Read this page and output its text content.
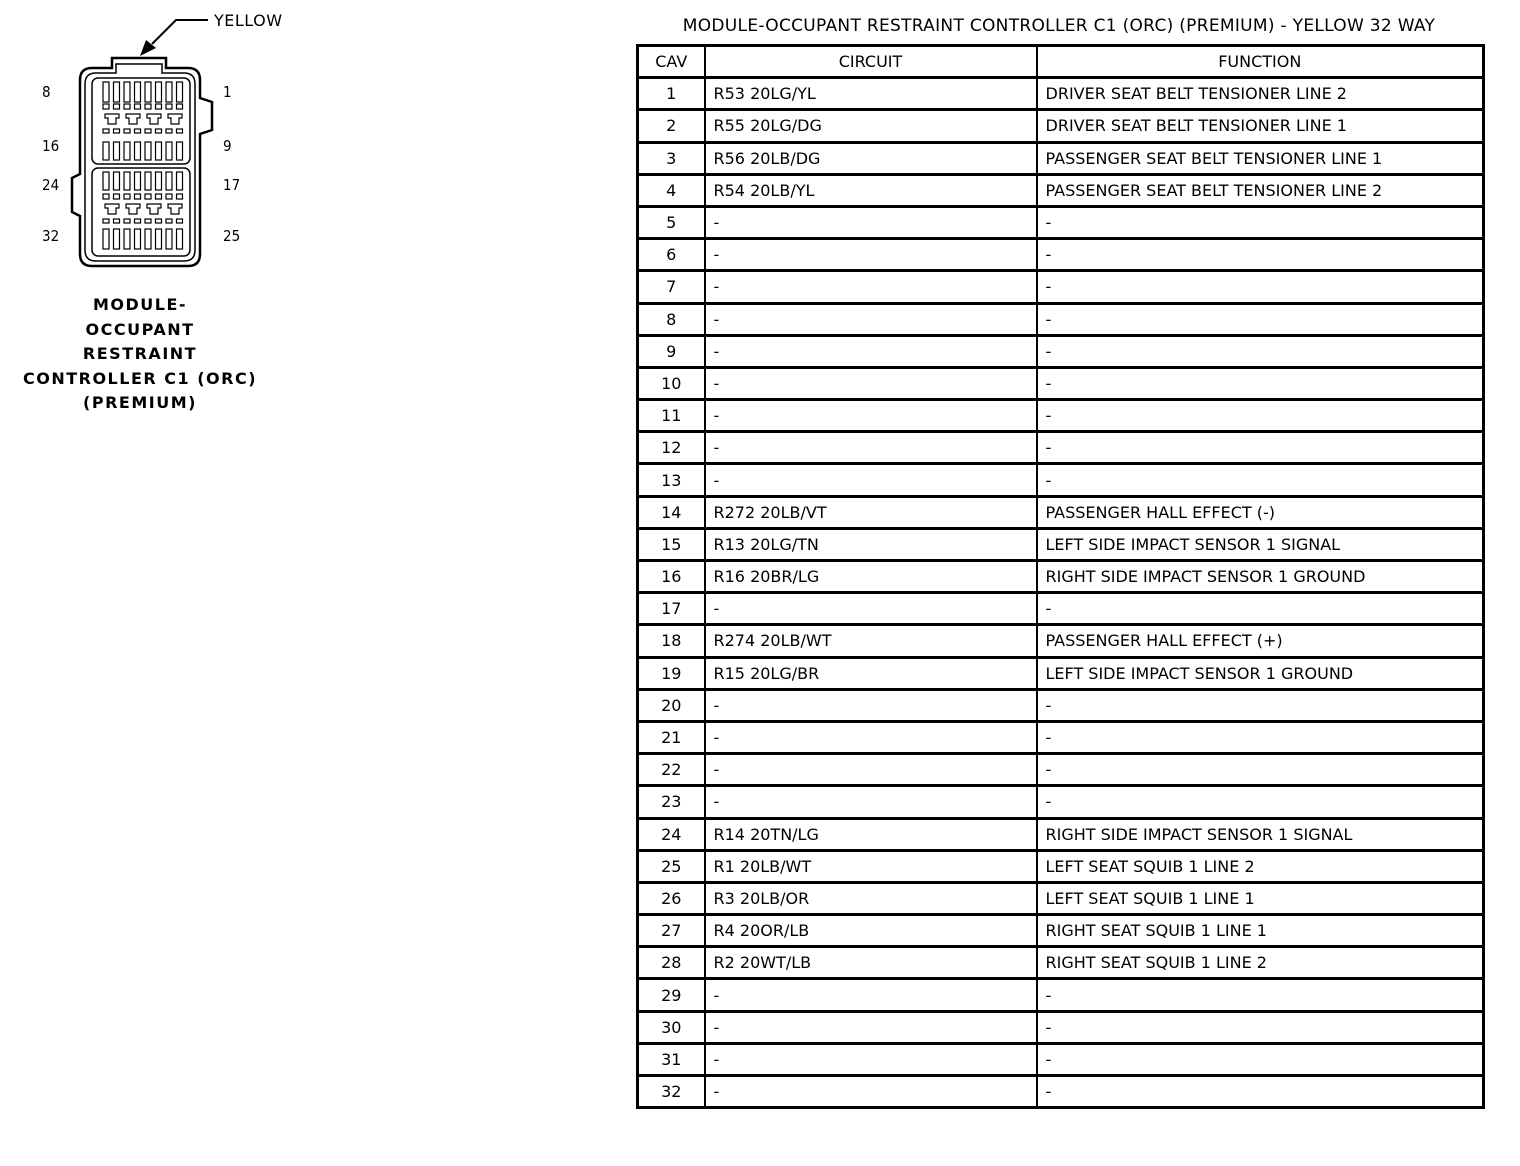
YELLOW
8
16
24
32
1
9
17
25
MODULE-
OCCUPANT
RESTRAINT
CONTROLLER C1 (ORC)
(PREMIUM)
MODULE-OCCUPANT RESTRAINT CONTROLLER C1 (ORC) (PREMIUM) - YELLOW 32 WAY
CAV	CIRCUIT	FUNCTION
1	R53 20LG/YL	DRIVER SEAT BELT TENSIONER LINE 2
2	R55 20LG/DG	DRIVER SEAT BELT TENSIONER LINE 1
3	R56 20LB/DG	PASSENGER SEAT BELT TENSIONER LINE 1
4	R54 20LB/YL	PASSENGER SEAT BELT TENSIONER LINE 2
5	-	-
6	-	-
7	-	-
8	-	-
9	-	-
10	-	-
11	-	-
12	-	-
13	-	-
14	R272 20LB/VT	PASSENGER HALL EFFECT (-)
15	R13 20LG/TN	LEFT SIDE IMPACT SENSOR 1 SIGNAL
16	R16 20BR/LG	RIGHT SIDE IMPACT SENSOR 1 GROUND
17	-	-
18	R274 20LB/WT	PASSENGER HALL EFFECT (+)
19	R15 20LG/BR	LEFT SIDE IMPACT SENSOR 1 GROUND
20	-	-
21	-	-
22	-	-
23	-	-
24	R14 20TN/LG	RIGHT SIDE IMPACT SENSOR 1 SIGNAL
25	R1 20LB/WT	LEFT SEAT SQUIB 1 LINE 2
26	R3 20LB/OR	LEFT SEAT SQUIB 1 LINE 1
27	R4 20OR/LB	RIGHT SEAT SQUIB 1 LINE 1
28	R2 20WT/LB	RIGHT SEAT SQUIB 1 LINE 2
29	-	-
30	-	-
31	-	-
32	-	-
